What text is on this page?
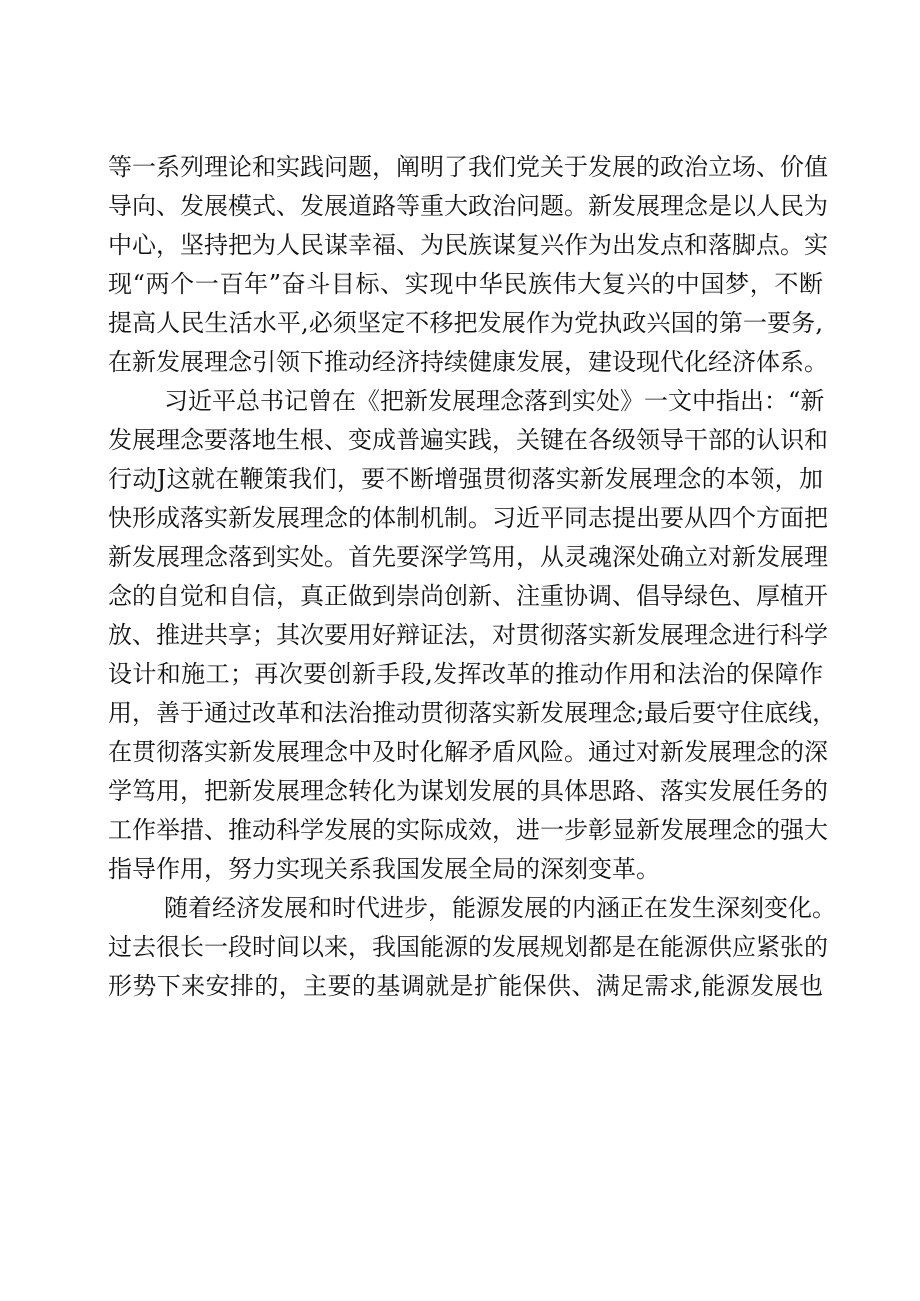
等一系列理论和实践问题，阐明了我们党关于发展的政治立场、价值
导向、发展模式、发展道路等重大政治问题。新发展理念是以人民为
中心，坚持把为人民谋幸福、为民族谋复兴作为出发点和落脚点。实
现“两个一百年”奋斗目标、实现中华民族伟大复兴的中国梦，不断
提高人民生活水平,必须坚定不移把发展作为党执政兴国的第一要务,
在新发展理念引领下推动经济持续健康发展，建设现代化经济体系。
习近平总书记曾在《把新发展理念落到实处》一文中指出：“新
发展理念要落地生根、变成普遍实践，关键在各级领导干部的认识和
行动J这就在鞭策我们，要不断增强贯彻落实新发展理念的本领，加
快形成落实新发展理念的体制机制。习近平同志提出要从四个方面把
新发展理念落到实处。首先要深学笃用，从灵魂深处确立对新发展理
念的自觉和自信，真正做到崇尚创新、注重协调、倡导绿色、厚植开
放、推进共享；其次要用好辩证法，对贯彻落实新发展理念进行科学
设计和施工；再次要创新手段,发挥改革的推动作用和法治的保障作
用，善于通过改革和法治推动贯彻落实新发展理念;最后要守住底线，
在贯彻落实新发展理念中及时化解矛盾风险。通过对新发展理念的深
学笃用，把新发展理念转化为谋划发展的具体思路、落实发展任务的
工作举措、推动科学发展的实际成效，进一步彰显新发展理念的强大
指导作用，努力实现关系我国发展全局的深刻变革。
随着经济发展和时代进步，能源发展的内涵正在发生深刻变化。
过去很长一段时间以来，我国能源的发展规划都是在能源供应紧张的
形势下来安排的，主要的基调就是扩能保供、满足需求,能源发展也
